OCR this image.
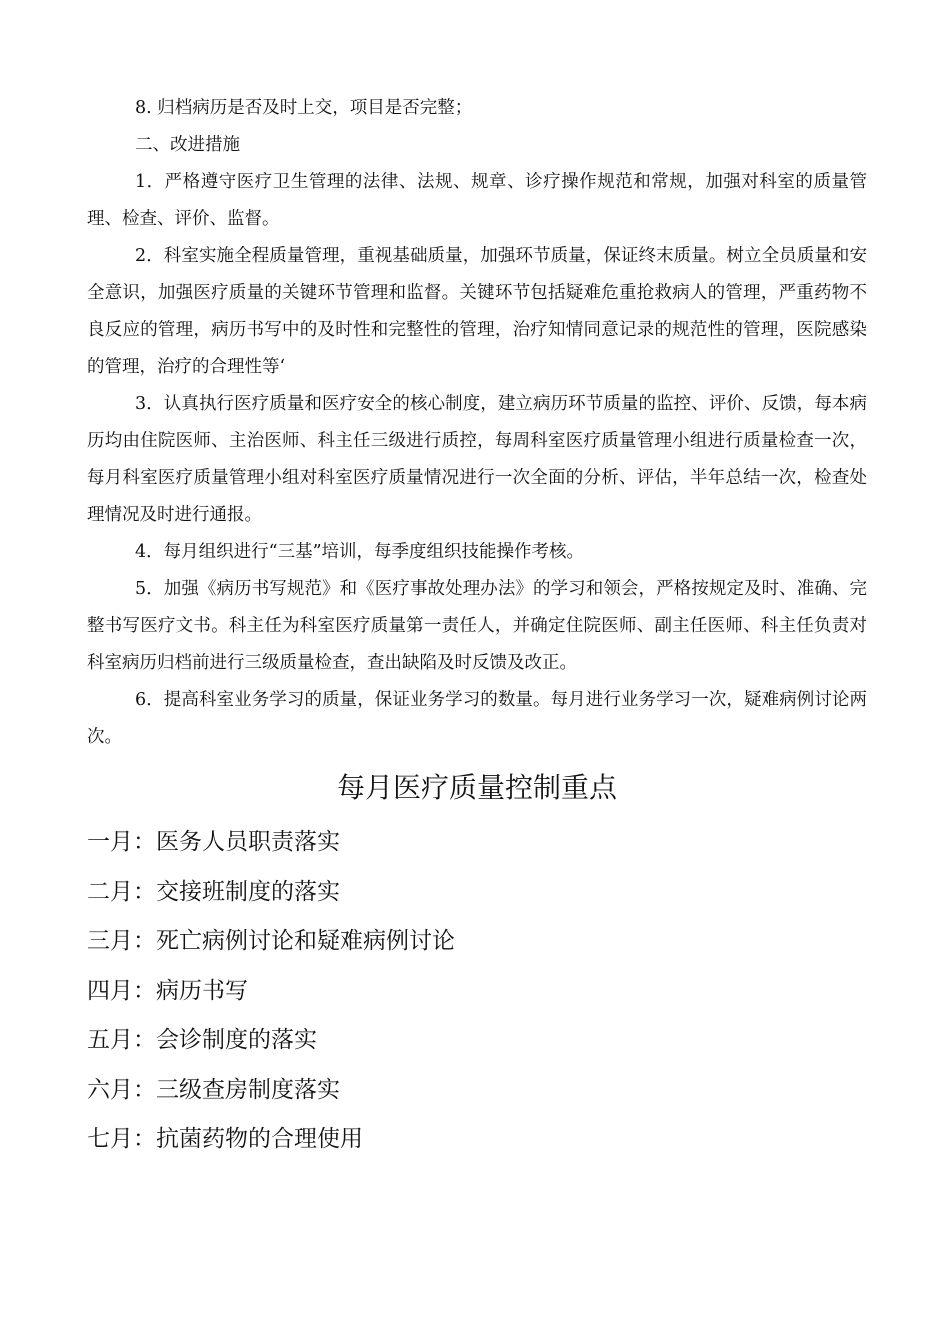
8. 归档病历是否及时上交，项目是否完整；

二、改进措施

1．严格遵守医疗卫生管理的法律、法规、规章、诊疗操作规范和常规，加强对科室的质量管理、检查、评价、监督。

2．科室实施全程质量管理，重视基础质量，加强环节质量，保证终末质量。树立全员质量和安全意识，加强医疗质量的关键环节管理和监督。关键环节包括疑难危重抢救病人的管理，严重药物不良反应的管理，病历书写中的及时性和完整性的管理，治疗知情同意记录的规范性的管理，医院感染的管理，治疗的合理性等‘

3．认真执行医疗质量和医疗安全的核心制度，建立病历环节质量的监控、评价、反馈，每本病历均由住院医师、主治医师、科主任三级进行质控，每周科室医疗质量管理小组进行质量检查一次，每月科室医疗质量管理小组对科室医疗质量情况进行一次全面的分析、评估，半年总结一次，检查处理情况及时进行通报。

4．每月组织进行“三基”培训，每季度组织技能操作考核。

5．加强《病历书写规范》和《医疗事故处理办法》的学习和领会，严格按规定及时、准确、完整书写医疗文书。科主任为科室医疗质量第一责任人，并确定住院医师、副主任医师、科主任负责对科室病历归档前进行三级质量检查，查出缺陷及时反馈及改正。

6．提高科室业务学习的质量，保证业务学习的数量。每月进行业务学习一次，疑难病例讨论两次。

每月医疗质量控制重点
一月：医务人员职责落实
二月：交接班制度的落实
三月：死亡病例讨论和疑难病例讨论
四月：病历书写
五月：会诊制度的落实
六月：三级查房制度落实
七月：抗菌药物的合理使用
